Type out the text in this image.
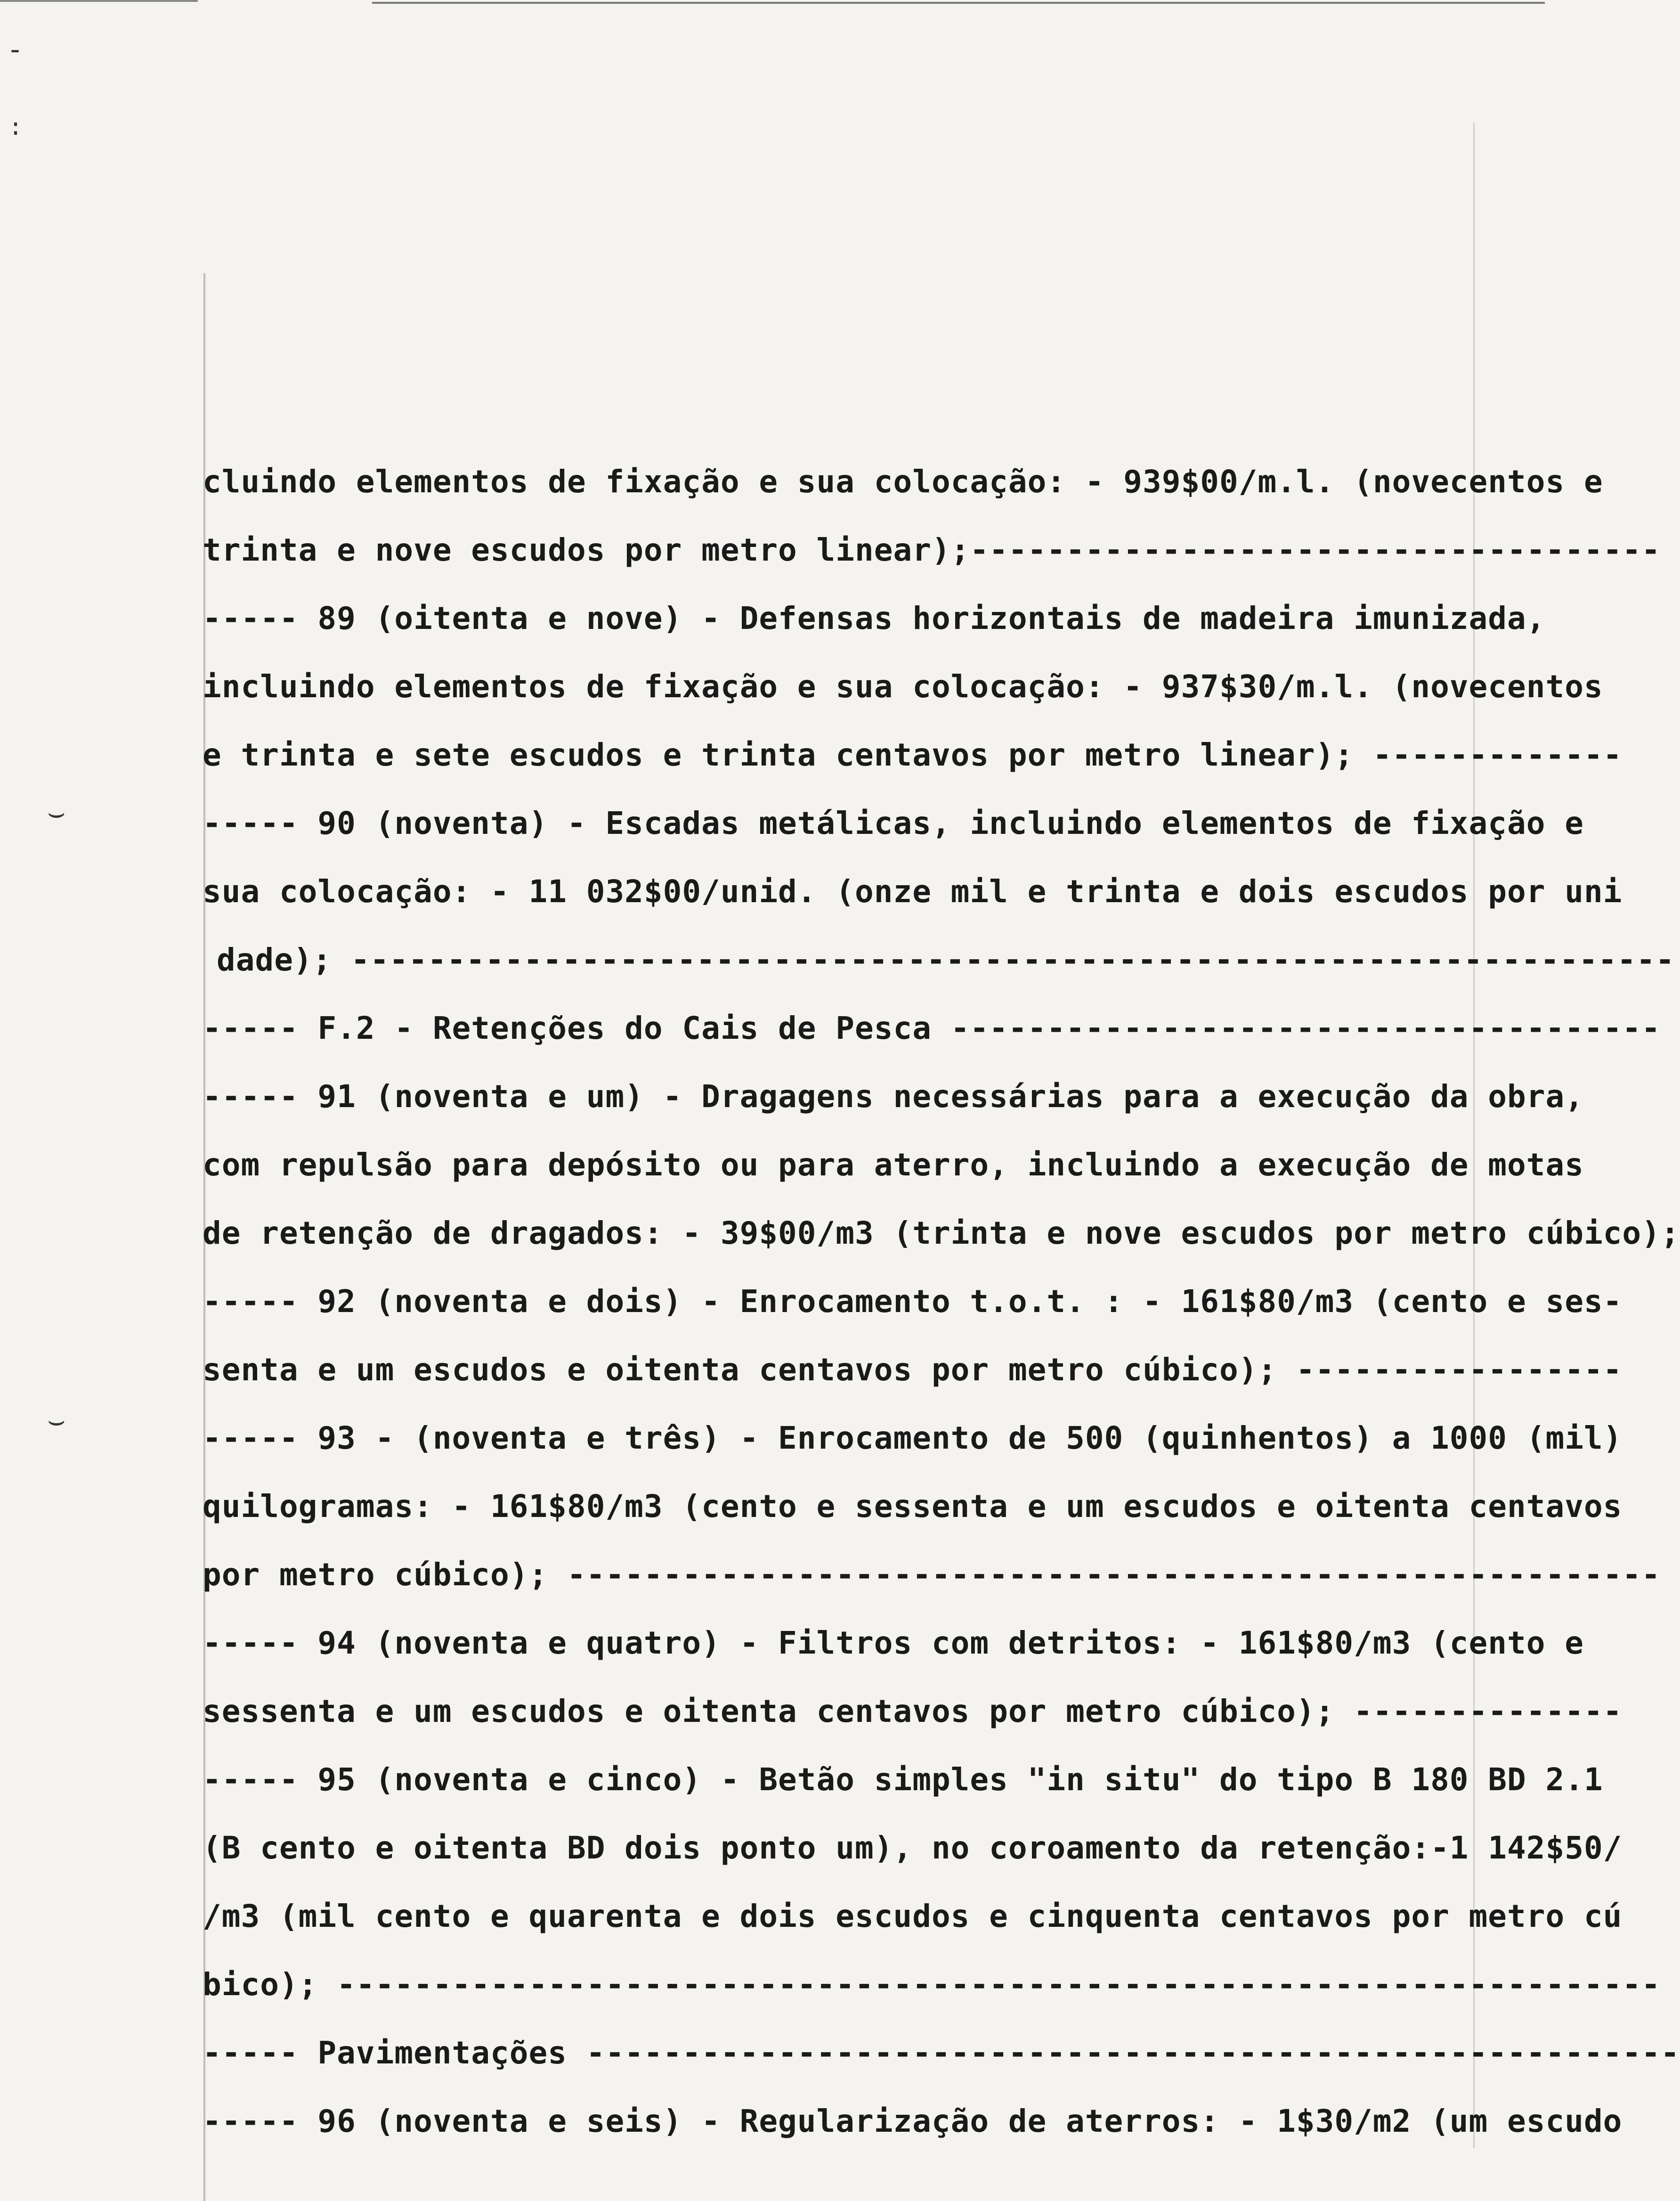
-
:
⌣
⌣
cluindo elementos de fixação e sua colocação: - 939$00/m.l. (novecentos e
trinta e nove escudos por metro linear);------------------------------------
----- 89 (oitenta e nove) - Defensas horizontais de madeira imunizada,
incluindo elementos de fixação e sua colocação: - 937$30/m.l. (novecentos
e trinta e sete escudos e trinta centavos por metro linear); -------------
----- 90 (noventa) - Escadas metálicas, incluindo elementos de fixação e
sua colocação: - 11 032$00/unid. (onze mil e trinta e dois escudos por uni
dade); ---------------------------------------------------------------------
----- F.2 - Retenções do Cais de Pesca -------------------------------------
----- 91 (noventa e um) - Dragagens necessárias para a execução da obra,
com repulsão para depósito ou para aterro, incluindo a execução de motas
de retenção de dragados: - 39$00/m3 (trinta e nove escudos por metro cúbico);
----- 92 (noventa e dois) - Enrocamento t.o.t. : - 161$80/m3 (cento e ses-
senta e um escudos e oitenta centavos por metro cúbico); -----------------
----- 93 - (noventa e três) - Enrocamento de 500 (quinhentos) a 1000 (mil)
quilogramas: - 161$80/m3 (cento e sessenta e um escudos e oitenta centavos
por metro cúbico); ---------------------------------------------------------
----- 94 (noventa e quatro) - Filtros com detritos: - 161$80/m3 (cento e
sessenta e um escudos e oitenta centavos por metro cúbico); --------------
----- 95 (noventa e cinco) - Betão simples "in situ" do tipo B 180 BD 2.1
(B cento e oitenta BD dois ponto um), no coroamento da retenção:-1 142$50/
/m3 (mil cento e quarenta e dois escudos e cinquenta centavos por metro cú
bico); ---------------------------------------------------------------------
----- Pavimentações ---------------------------------------------------------
----- 96 (noventa e seis) - Regularização de aterros: - 1$30/m2 (um escudo
